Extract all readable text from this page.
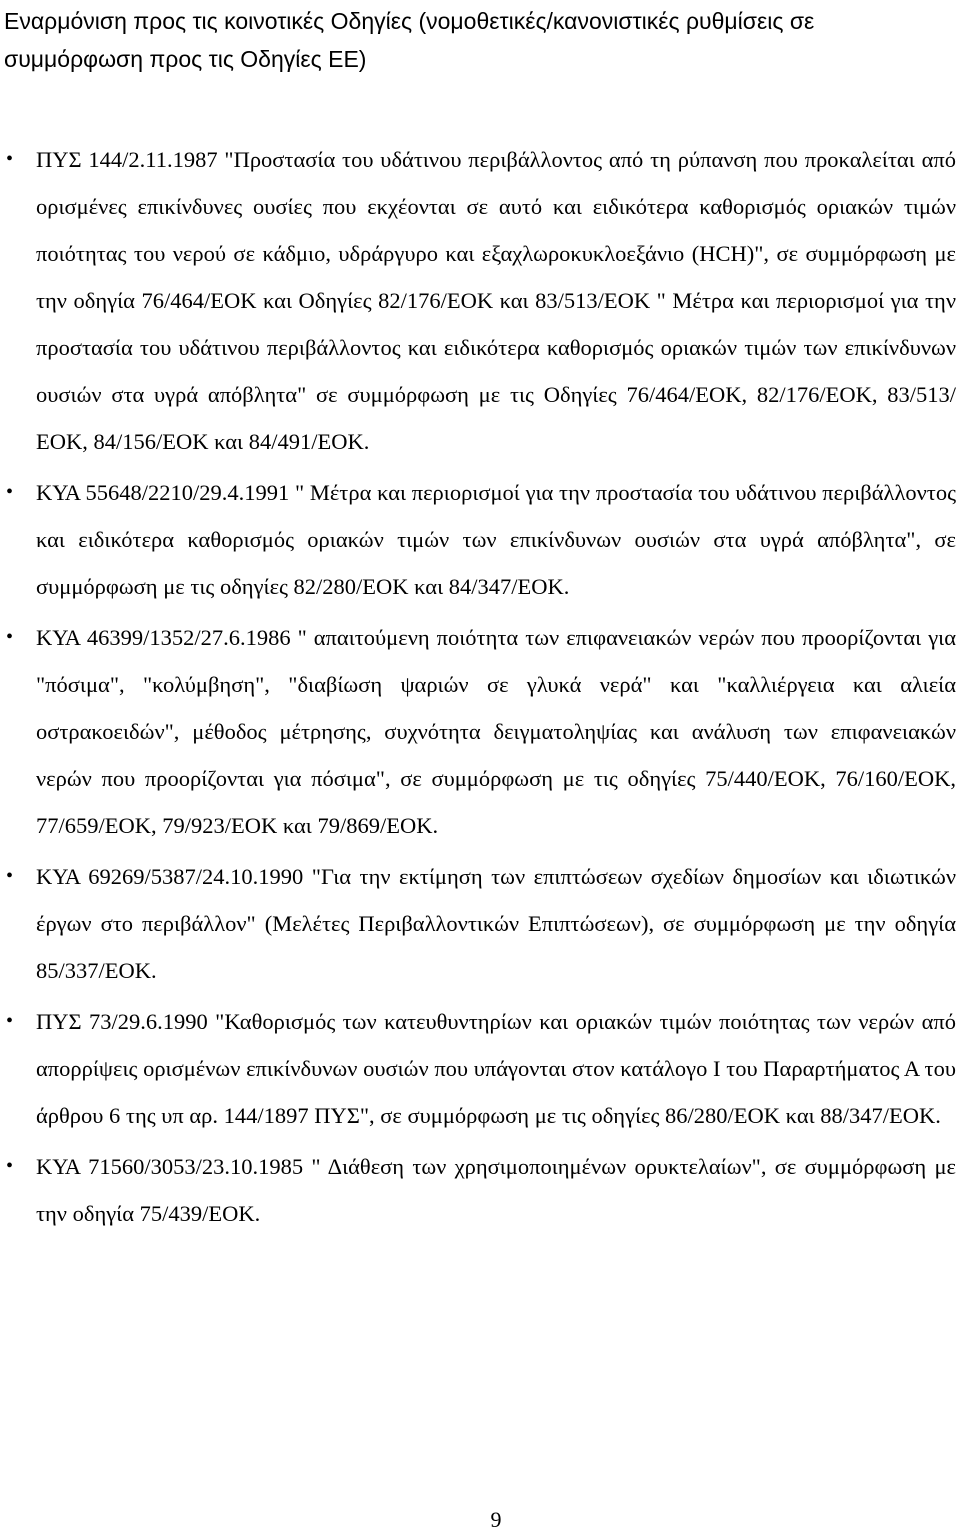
Εναρμόνιση προς τις κοινοτικές Οδηγίες (νομοθετικές/κανονιστικές ρυθμίσεις σε συμμόρφωση προς τις Οδηγίες ΕΕ)
• ΠΥΣ 144/2.11.1987 "Προστασία του υδάτινου περιβάλλοντος από τη ρύπανση που προκαλείται από ορισμένες επικίνδυνες ουσίες που εκχέονται σε αυτό και ειδικότερα καθορισμός οριακών τιμών ποιότητας του νερού σε κάδμιο, υδράργυρο και εξαχλωροκυκλοεξάνιο (HCH)", σε συμμόρφωση με την οδηγία 76/464/ΕΟΚ και Οδηγίες 82/176/ΕΟΚ και 83/513/ΕΟΚ " Μέτρα και περιορισμοί για την προστασία του υδάτινου περιβάλλοντος και ειδικότερα καθορισμός οριακών τιμών των επικίνδυνων ουσιών στα υγρά απόβλητα" σε συμμόρφωση με τις Οδηγίες 76/464/ΕΟΚ, 82/176/ΕΟΚ, 83/513/ΕΟΚ, 84/156/ΕΟΚ και 84/491/ΕΟΚ.
• ΚΥΑ 55648/2210/29.4.1991 " Μέτρα και περιορισμοί για την προστασία του υδάτινου περιβάλλοντος και ειδικότερα καθορισμός οριακών τιμών των επικίνδυνων ουσιών στα υγρά απόβλητα", σε συμμόρφωση με τις οδηγίες 82/280/ΕΟΚ και 84/347/ΕΟΚ.
• ΚΥΑ 46399/1352/27.6.1986 " απαιτούμενη ποιότητα των επιφανειακών νερών που προορίζονται για "πόσιμα", "κολύμβηση", "διαβίωση ψαριών σε γλυκά νερά" και "καλλιέργεια και αλιεία οστρακοειδών", μέθοδος μέτρησης, συχνότητα δειγματοληψίας και ανάλυση των επιφανειακών νερών που προορίζονται για πόσιμα", σε συμμόρφωση με τις οδηγίες 75/440/ΕΟΚ, 76/160/ΕΟΚ, 77/659/ΕΟΚ, 79/923/ΕΟΚ και 79/869/ΕΟΚ.
• ΚΥΑ 69269/5387/24.10.1990 "Για την εκτίμηση των επιπτώσεων σχεδίων δημοσίων και ιδιωτικών έργων στο περιβάλλον" (Μελέτες Περιβαλλοντικών Επιπτώσεων), σε συμμόρφωση με την οδηγία 85/337/ΕΟΚ.
• ΠΥΣ 73/29.6.1990 "Καθορισμός των κατευθυντηρίων και οριακών τιμών ποιότητας των νερών από απορρίψεις ορισμένων επικίνδυνων ουσιών που υπάγονται στον κατάλογο Ι του Παραρτήματος Α του άρθρου 6 της υπ αρ. 144/1897 ΠΥΣ", σε συμμόρφωση με τις οδηγίες 86/280/ΕΟΚ και 88/347/ΕΟΚ.
• ΚΥΑ 71560/3053/23.10.1985 " Διάθεση των χρησιμοποιημένων ορυκτελαίων", σε συμμόρφωση με την οδηγία 75/439/ΕΟΚ.
9
